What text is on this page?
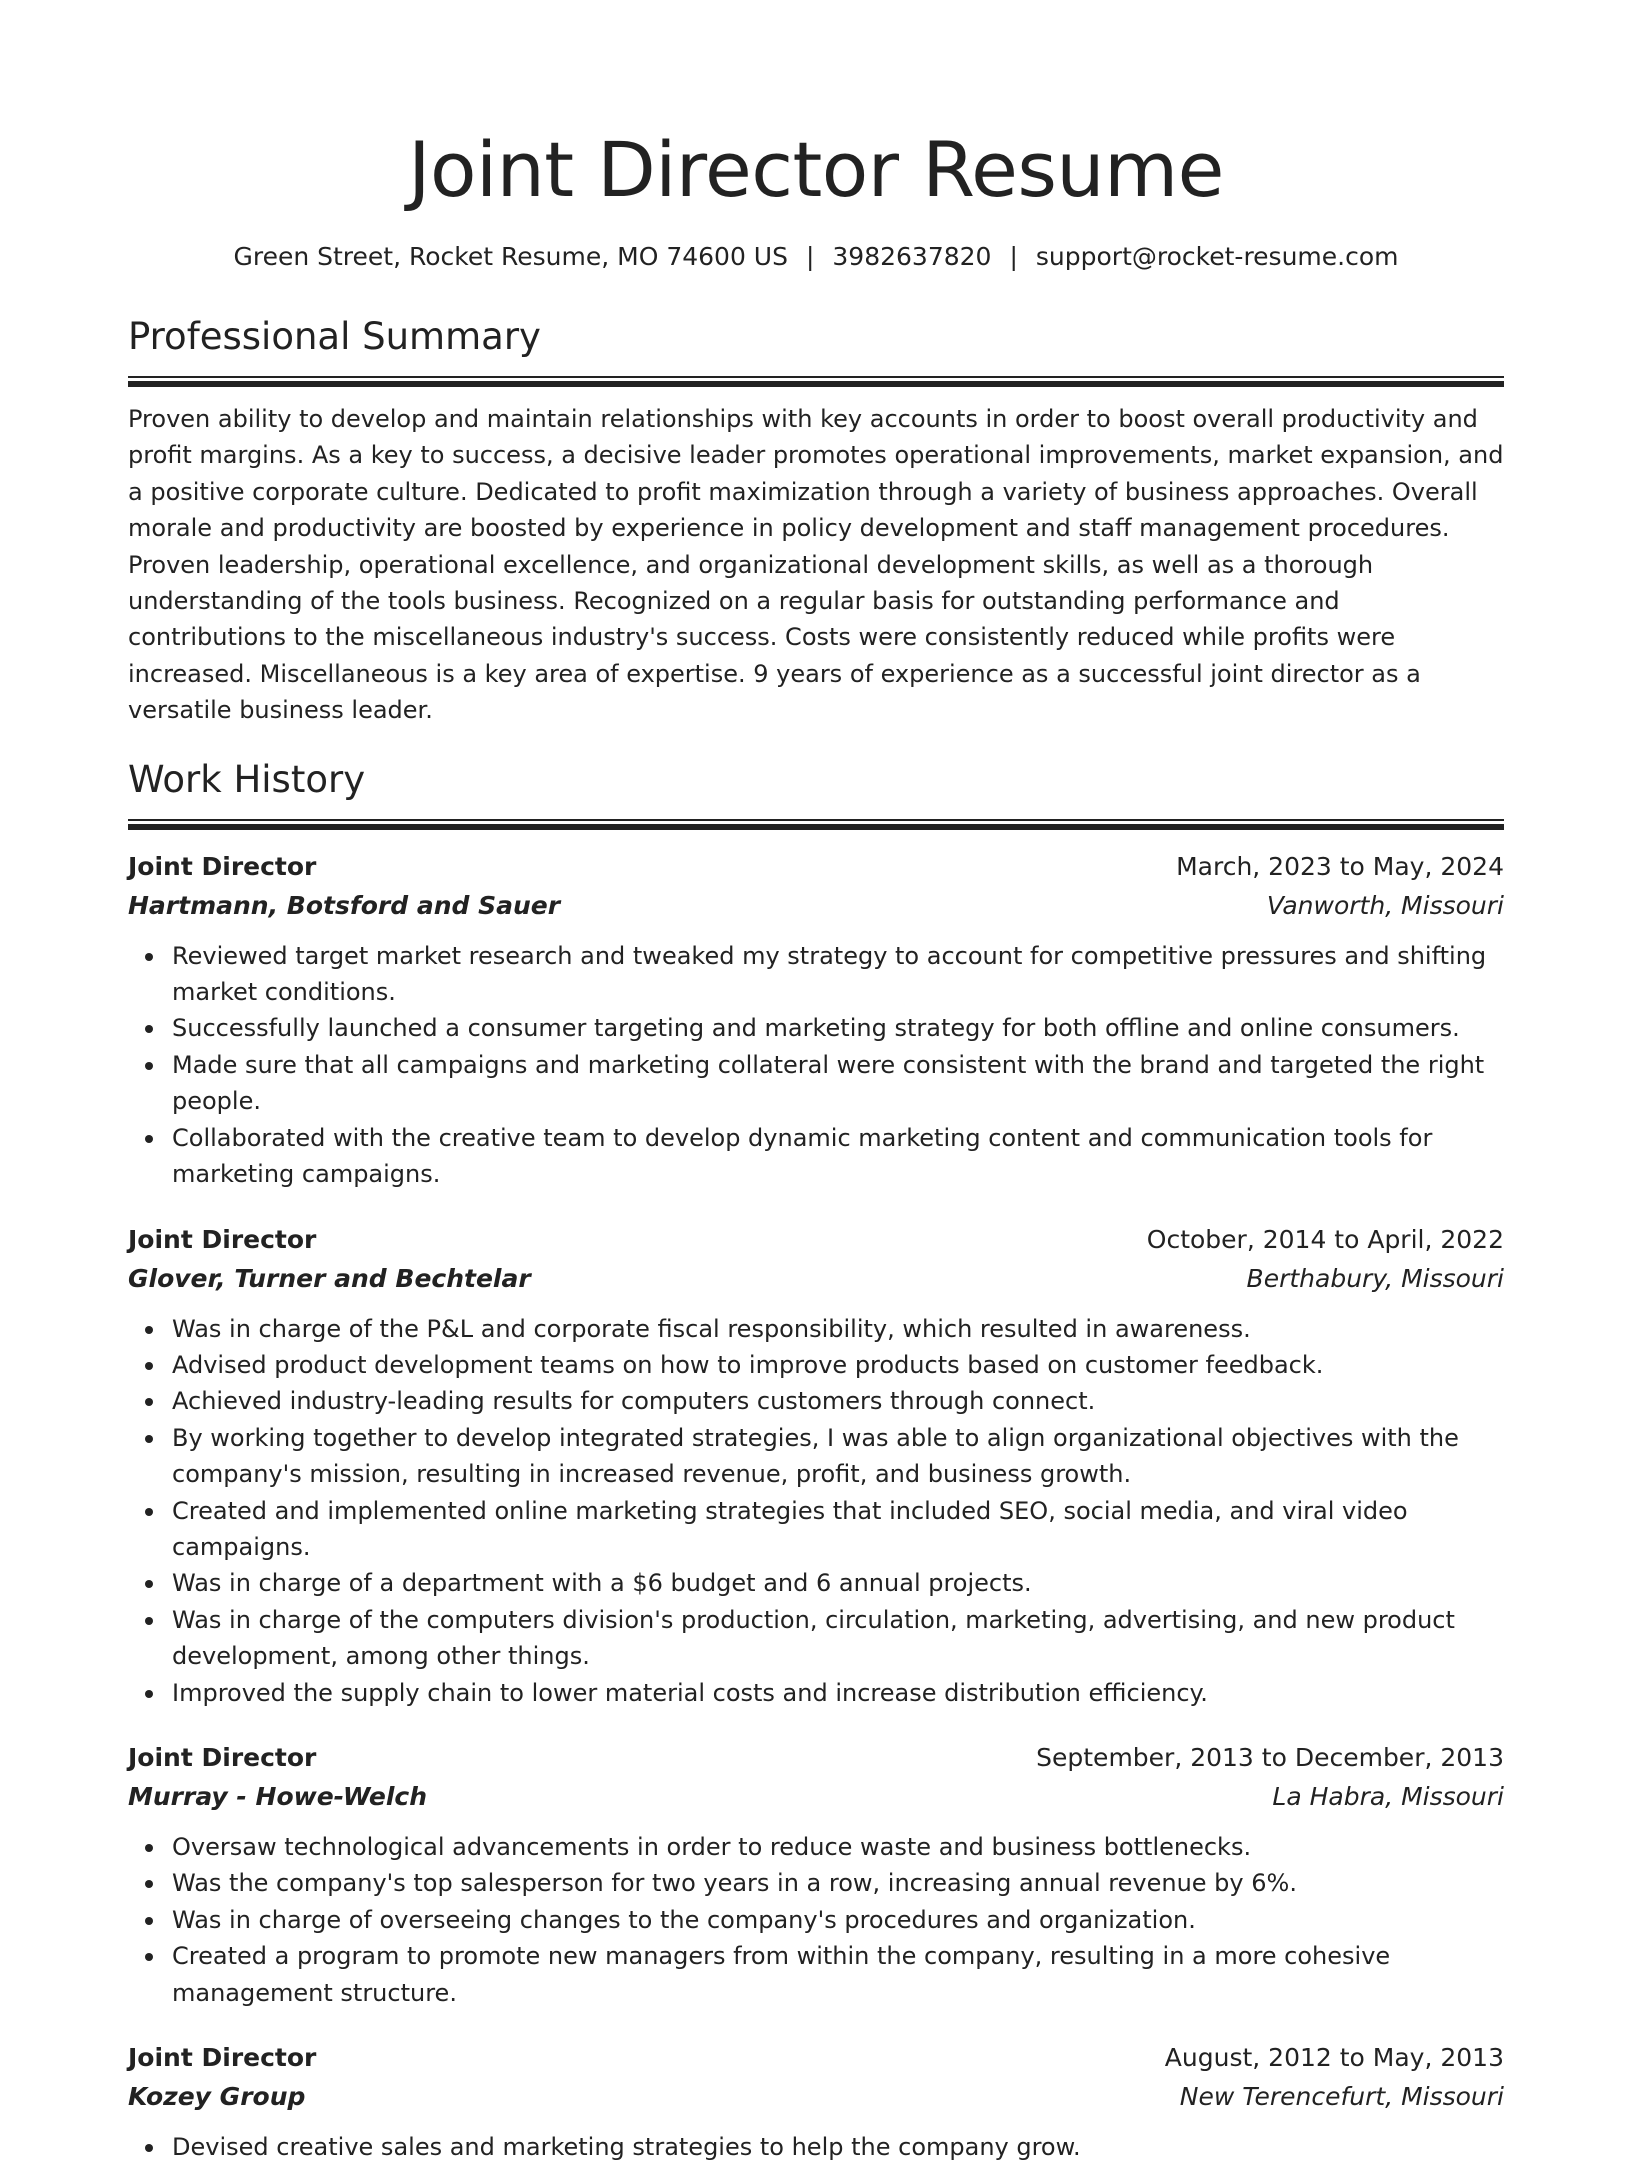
Joint Director Resume
Green Street, Rocket Resume, MO 74600 US | 3982637820 | support@rocket-resume.com
Professional Summary

Proven ability to develop and maintain relationships with key accounts in order to boost overall productivity and profit margins. As a key to success, a decisive leader promotes operational improvements, market expansion, and a positive corporate culture. Dedicated to profit maximization through a variety of business approaches. Overall morale and productivity are boosted by experience in policy development and staff management procedures. Proven leadership, operational excellence, and organizational development skills, as well as a thorough understanding of the tools business. Recognized on a regular basis for outstanding performance and contributions to the miscellaneous industry's success. Costs were consistently reduced while profits were increased. Miscellaneous is a key area of expertise. 9 years of experience as a successful joint director as a versatile business leader.

Work History
Joint Director	March, 2023 to May, 2024
Hartmann, Botsford and Sauer	Vanworth, Missouri
Reviewed target market research and tweaked my strategy to account for competitive pressures and shifting market conditions.
Successfully launched a consumer targeting and marketing strategy for both offline and online consumers.
Made sure that all campaigns and marketing collateral were consistent with the brand and targeted the right people.
Collaborated with the creative team to develop dynamic marketing content and communication tools for marketing campaigns.
Joint Director	October, 2014 to April, 2022
Glover, Turner and Bechtelar	Berthabury, Missouri
Was in charge of the P&L and corporate fiscal responsibility, which resulted in awareness.
Advised product development teams on how to improve products based on customer feedback.
Achieved industry-leading results for computers customers through connect.
By working together to develop integrated strategies, I was able to align organizational objectives with the company's mission, resulting in increased revenue, profit, and business growth.
Created and implemented online marketing strategies that included SEO, social media, and viral video campaigns.
Was in charge of a department with a $6 budget and 6 annual projects.
Was in charge of the computers division's production, circulation, marketing, advertising, and new product development, among other things.
Improved the supply chain to lower material costs and increase distribution efficiency.
Joint Director	September, 2013 to December, 2013
Murray - Howe-Welch	La Habra, Missouri
Oversaw technological advancements in order to reduce waste and business bottlenecks.
Was the company's top salesperson for two years in a row, increasing annual revenue by 6%.
Was in charge of overseeing changes to the company's procedures and organization.
Created a program to promote new managers from within the company, resulting in a more cohesive management structure.
Joint Director	August, 2012 to May, 2013
Kozey Group	New Terencefurt, Missouri
Devised creative sales and marketing strategies to help the company grow.
